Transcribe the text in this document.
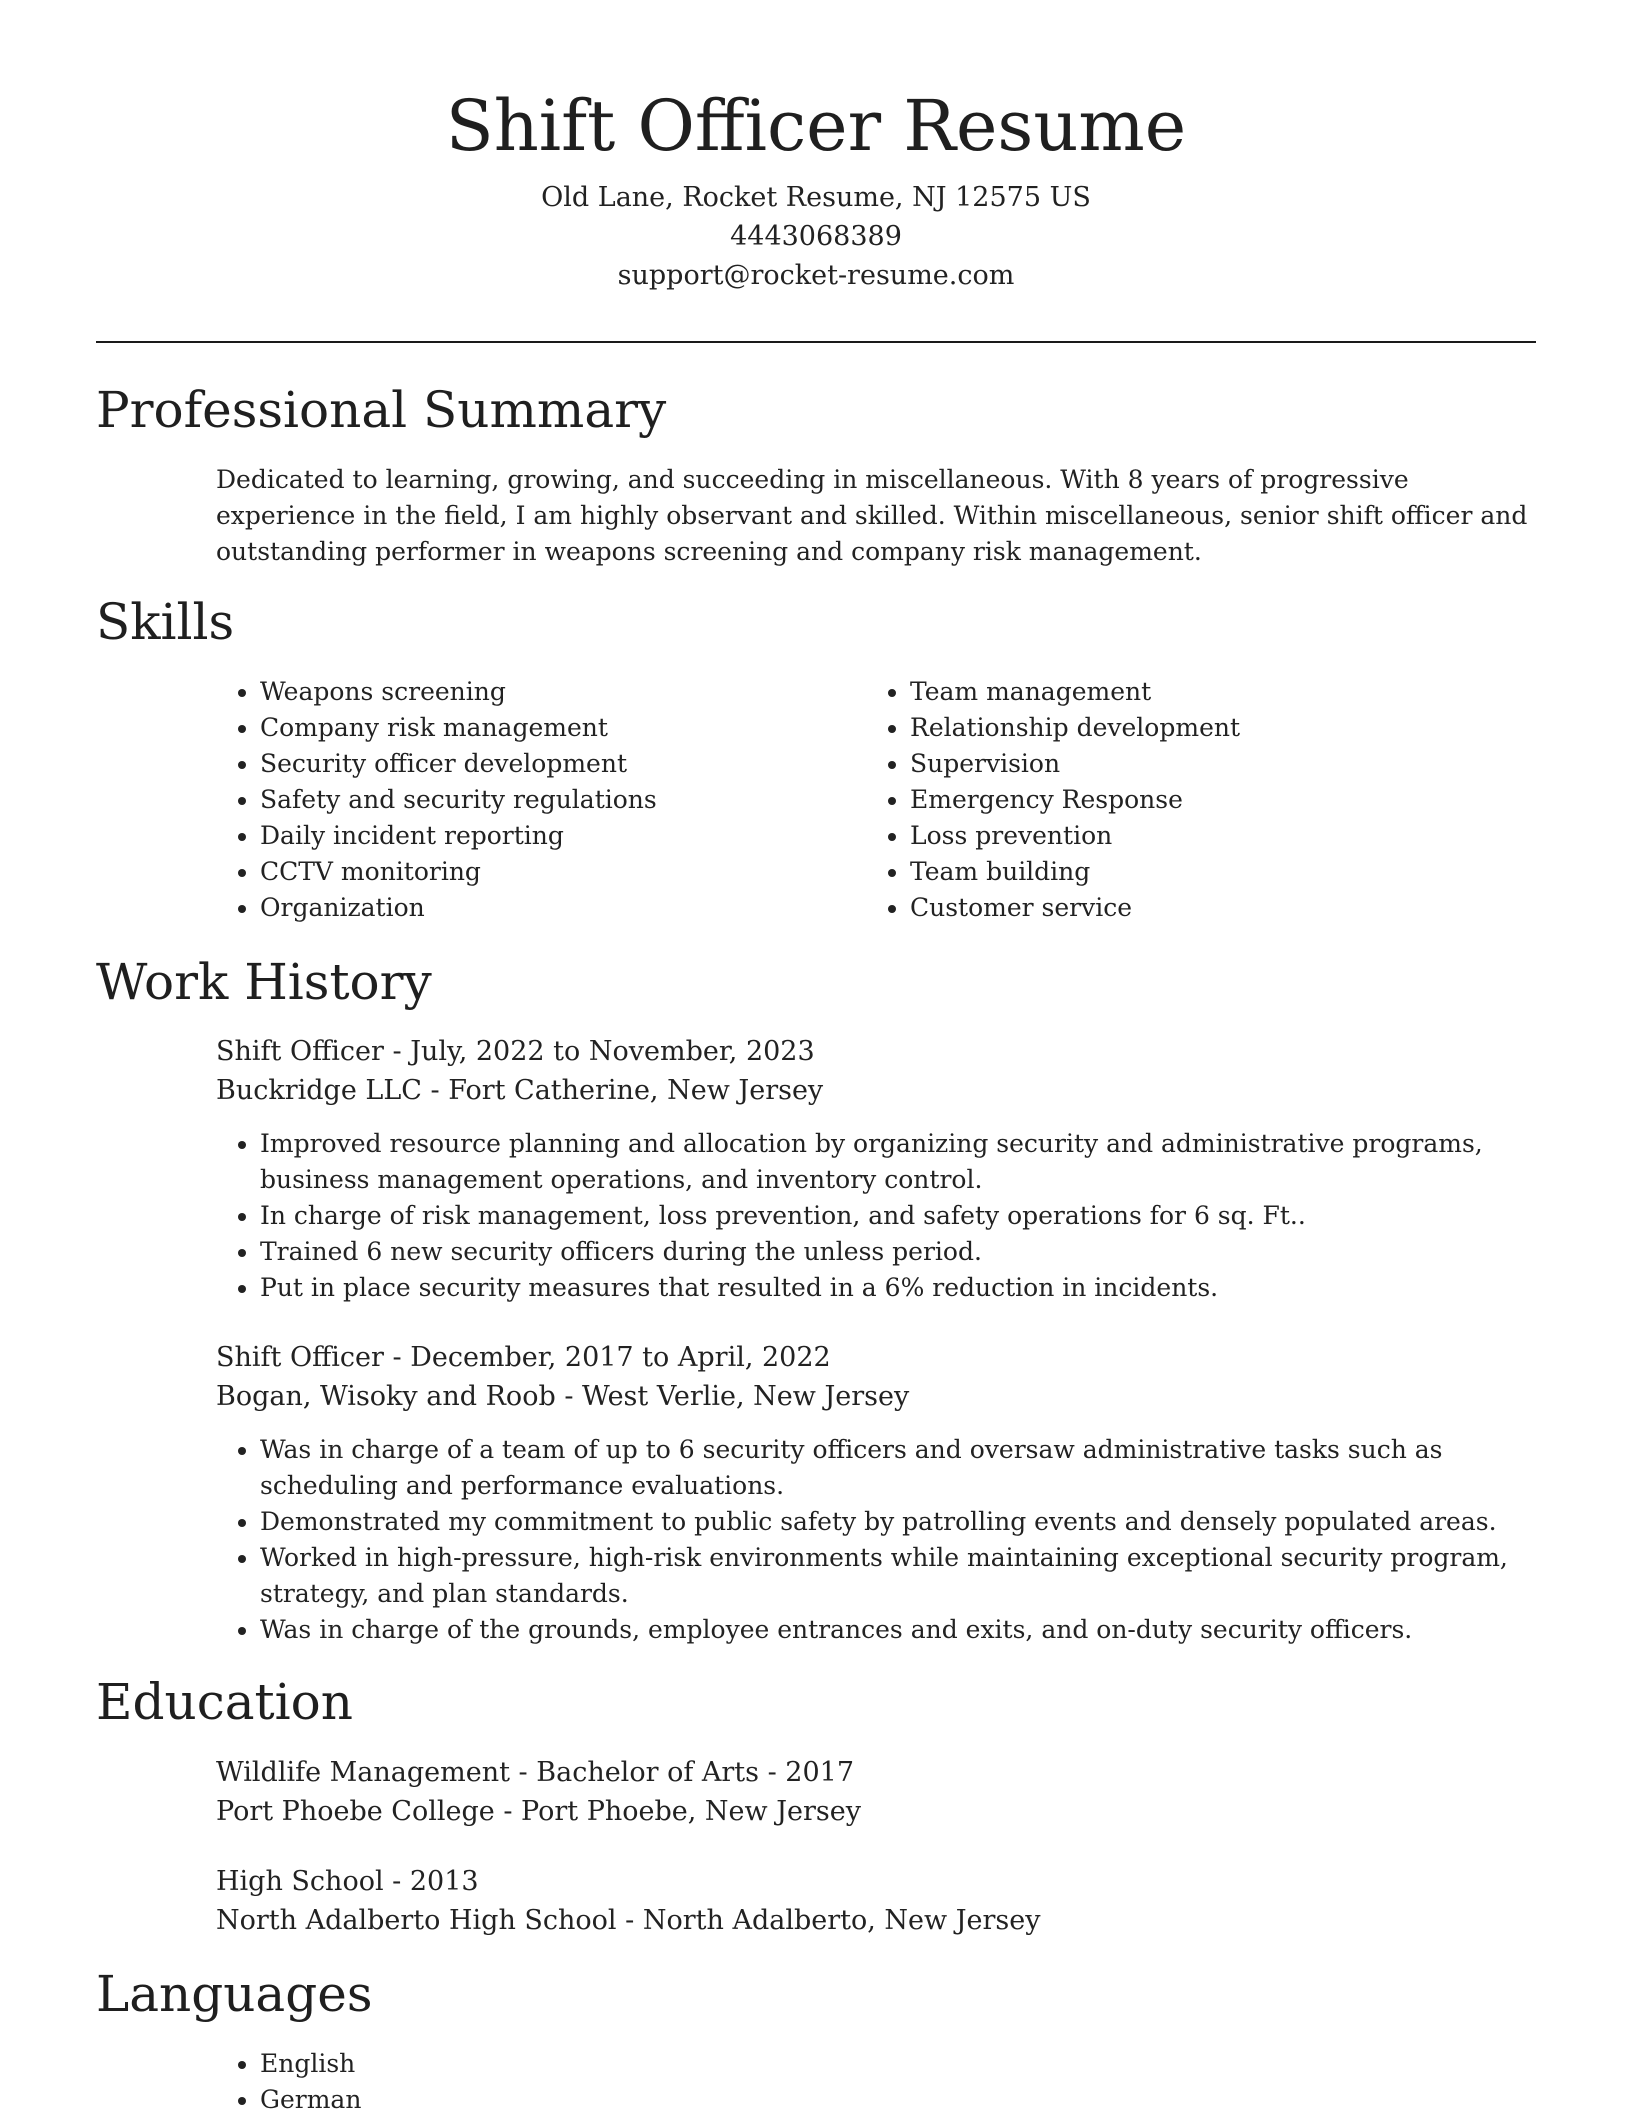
Shift Officer Resume
Old Lane, Rocket Resume, NJ 12575 US
4443068389
support@rocket-resume.com
Professional Summary
Dedicated to learning, growing, and succeeding in miscellaneous. With 8 years of progressive experience in the field, I am highly observant and skilled. Within miscellaneous, senior shift officer and outstanding performer in weapons screening and company risk management.
Skills
• Weapons screening
• Company risk management
• Security officer development
• Safety and security regulations
• Daily incident reporting
• CCTV monitoring
• Organization
• Team management
• Relationship development
• Supervision
• Emergency Response
• Loss prevention
• Team building
• Customer service
Work History
Shift Officer - July, 2022 to November, 2023
Buckridge LLC - Fort Catherine, New Jersey
• Improved resource planning and allocation by organizing security and administrative programs, business management operations, and inventory control.
• In charge of risk management, loss prevention, and safety operations for 6 sq. Ft..
• Trained 6 new security officers during the unless period.
• Put in place security measures that resulted in a 6% reduction in incidents.
Shift Officer - December, 2017 to April, 2022
Bogan, Wisoky and Roob - West Verlie, New Jersey
• Was in charge of a team of up to 6 security officers and oversaw administrative tasks such as scheduling and performance evaluations.
• Demonstrated my commitment to public safety by patrolling events and densely populated areas.
• Worked in high-pressure, high-risk environments while maintaining exceptional security program, strategy, and plan standards.
• Was in charge of the grounds, employee entrances and exits, and on-duty security officers.
Education
Wildlife Management - Bachelor of Arts - 2017
Port Phoebe College - Port Phoebe, New Jersey
High School - 2013
North Adalberto High School - North Adalberto, New Jersey
Languages
• English
• German
